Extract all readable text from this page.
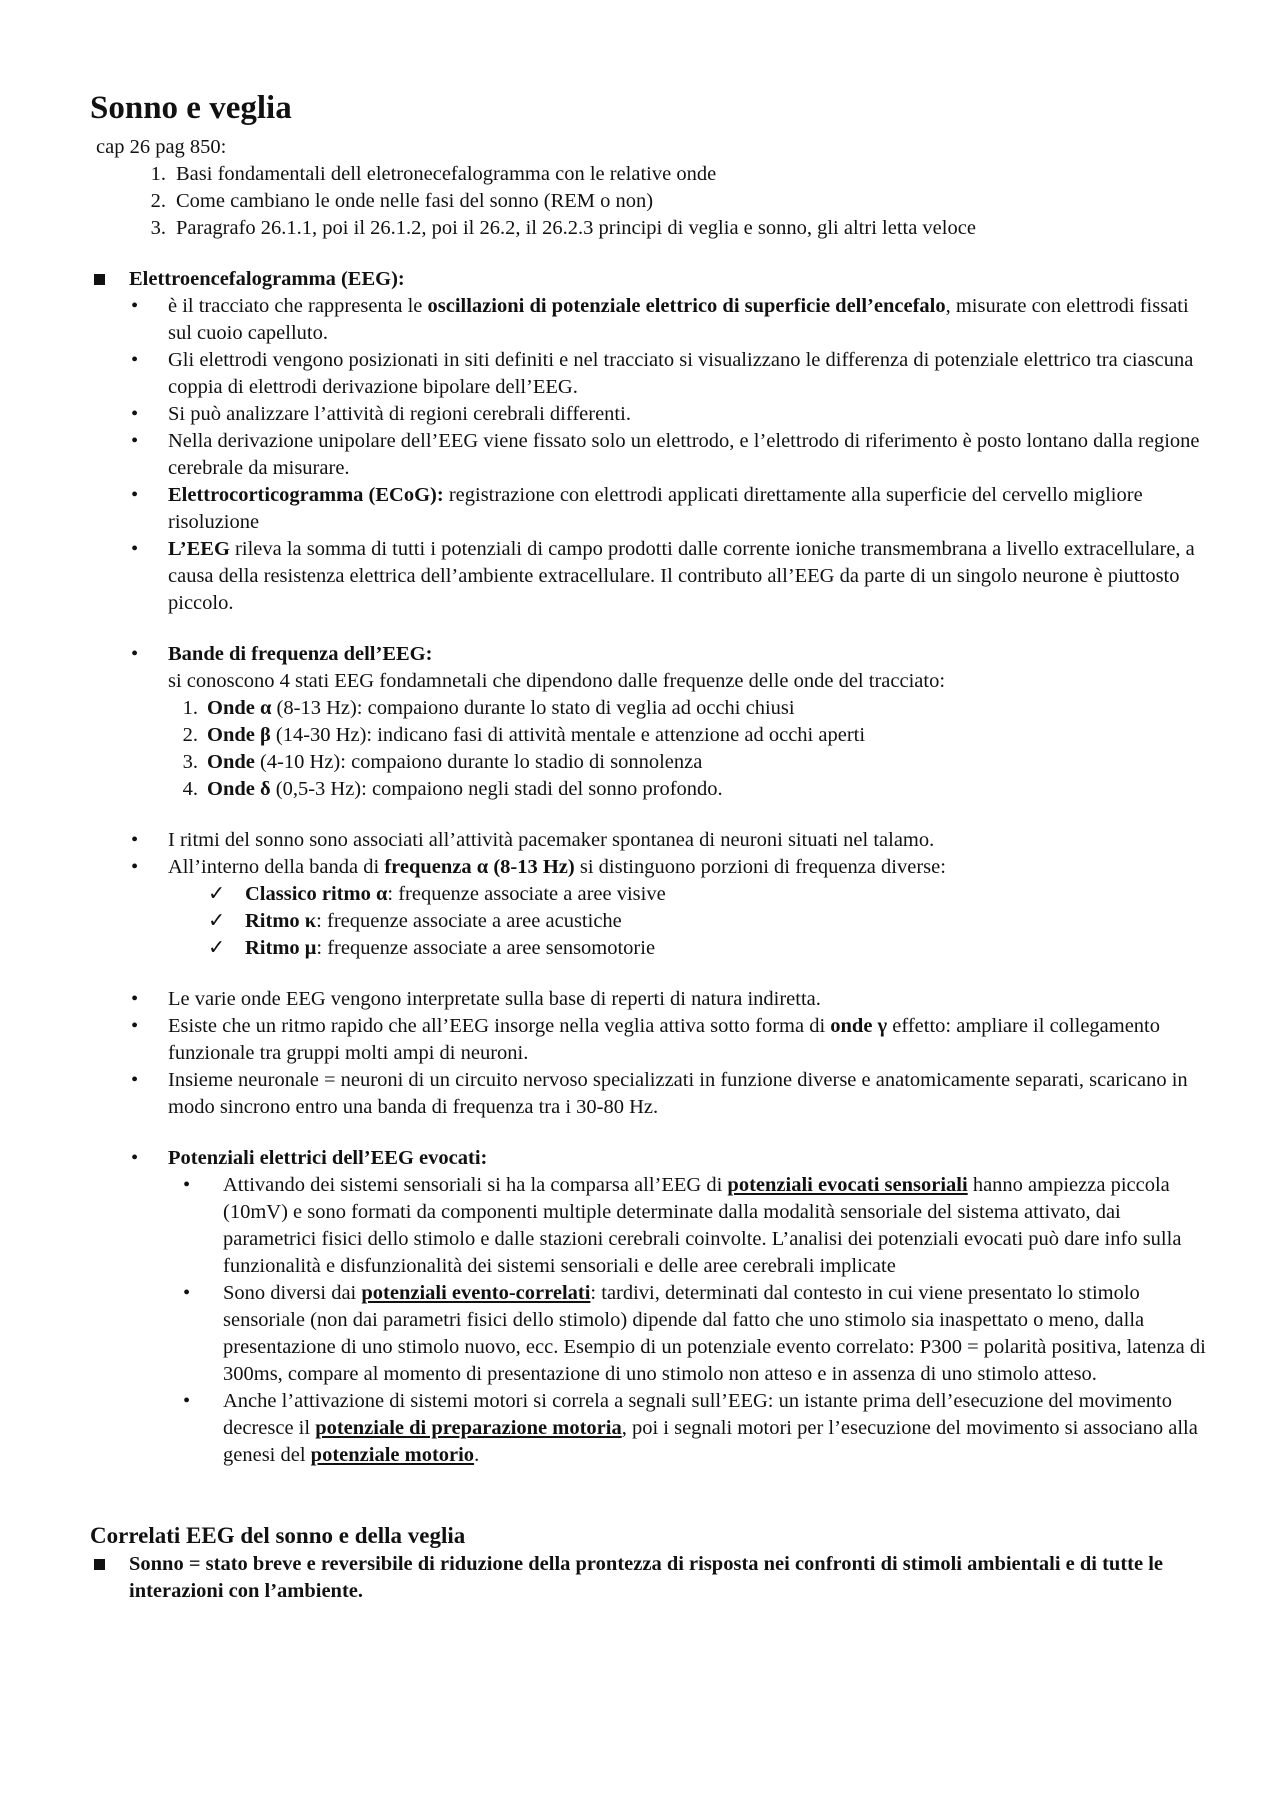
Sonno e veglia
cap 26 pag 850:
1. Basi fondamentali dell eletronecefalogramma con le relative onde
2. Come cambiano le onde nelle fasi del sonno (REM o non)
3. Paragrafo 26.1.1, poi il 26.1.2, poi il 26.2, il 26.2.3 principi di veglia e sonno, gli altri letta veloce
Elettroencefalogramma (EEG):
• è il tracciato che rappresenta le oscillazioni di potenziale elettrico di superficie dell’encefalo, misurate con elettrodi fissati sul cuoio capelluto.
• Gli elettrodi vengono posizionati in siti definiti e nel tracciato si visualizzano le differenza di potenziale elettrico tra ciascuna coppia di elettrodi derivazione bipolare dell’EEG.
• Si può analizzare l’attività di regioni cerebrali differenti.
• Nella derivazione unipolare dell’EEG viene fissato solo un elettrodo, e l’elettrodo di riferimento è posto lontano dalla regione cerebrale da misurare.
• Elettrocorticogramma (ECoG): registrazione con elettrodi applicati direttamente alla superficie del cervello migliore risoluzione
• L’EEG rileva la somma di tutti i potenziali di campo prodotti dalle corrente ioniche transmembrana a livello extracellulare, a causa della resistenza elettrica dell’ambiente extracellulare. Il contributo all’EEG da parte di un singolo neurone è piuttosto piccolo.
• Bande di frequenza dell’EEG:
si conoscono 4 stati EEG fondamnetali che dipendono dalle frequenze delle onde del tracciato:
1. Onde α (8-13 Hz): compaiono durante lo stato di veglia ad occhi chiusi
2. Onde β (14-30 Hz): indicano fasi di attività mentale e attenzione ad occhi aperti
3. Onde (4-10 Hz): compaiono durante lo stadio di sonnolenza
4. Onde δ (0,5-3 Hz): compaiono negli stadi del sonno profondo.
• I ritmi del sonno sono associati all’attività pacemaker spontanea di neuroni situati nel talamo.
• All’interno della banda di frequenza α (8-13 Hz) si distinguono porzioni di frequenza diverse:
✓ Classico ritmo α: frequenze associate a aree visive
✓ Ritmo κ: frequenze associate a aree acustiche
✓ Ritmo μ: frequenze associate a aree sensomotorie
• Le varie onde EEG vengono interpretate sulla base di reperti di natura indiretta.
• Esiste che un ritmo rapido che all’EEG insorge nella veglia attiva sotto forma di onde γ effetto: ampliare il collegamento funzionale tra gruppi molti ampi di neuroni.
• Insieme neuronale = neuroni di un circuito nervoso specializzati in funzione diverse e anatomicamente separati, scaricano in modo sincrono entro una banda di frequenza tra i 30-80 Hz.
• Potenziali elettrici dell’EEG evocati:
• Attivando dei sistemi sensoriali si ha la comparsa all’EEG di potenziali evocati sensoriali hanno ampiezza piccola (10mV) e sono formati da componenti multiple determinate dalla modalità sensoriale del sistema attivato, dai parametrici fisici dello stimolo e dalle stazioni cerebrali coinvolte. L’analisi dei potenziali evocati può dare info sulla funzionalità e disfunzionalità dei sistemi sensoriali e delle aree cerebrali implicate
• Sono diversi dai potenziali evento-correlati: tardivi, determinati dal contesto in cui viene presentato lo stimolo sensoriale (non dai parametri fisici dello stimolo) dipende dal fatto che uno stimolo sia inaspettato o meno, dalla presentazione di uno stimolo nuovo, ecc. Esempio di un potenziale evento correlato: P300 = polarità positiva, latenza di 300ms, compare al momento di presentazione di uno stimolo non atteso e in assenza di uno stimolo atteso.
• Anche l’attivazione di sistemi motori si correla a segnali sull’EEG: un istante prima dell’esecuzione del movimento decresce il potenziale di preparazione motoria, poi i segnali motori per l’esecuzione del movimento si associano alla genesi del potenziale motorio.
Correlati EEG del sonno e della veglia
Sonno = stato breve e reversibile di riduzione della prontezza di risposta nei confronti di stimoli ambientali e di tutte le interazioni con l’ambiente.
